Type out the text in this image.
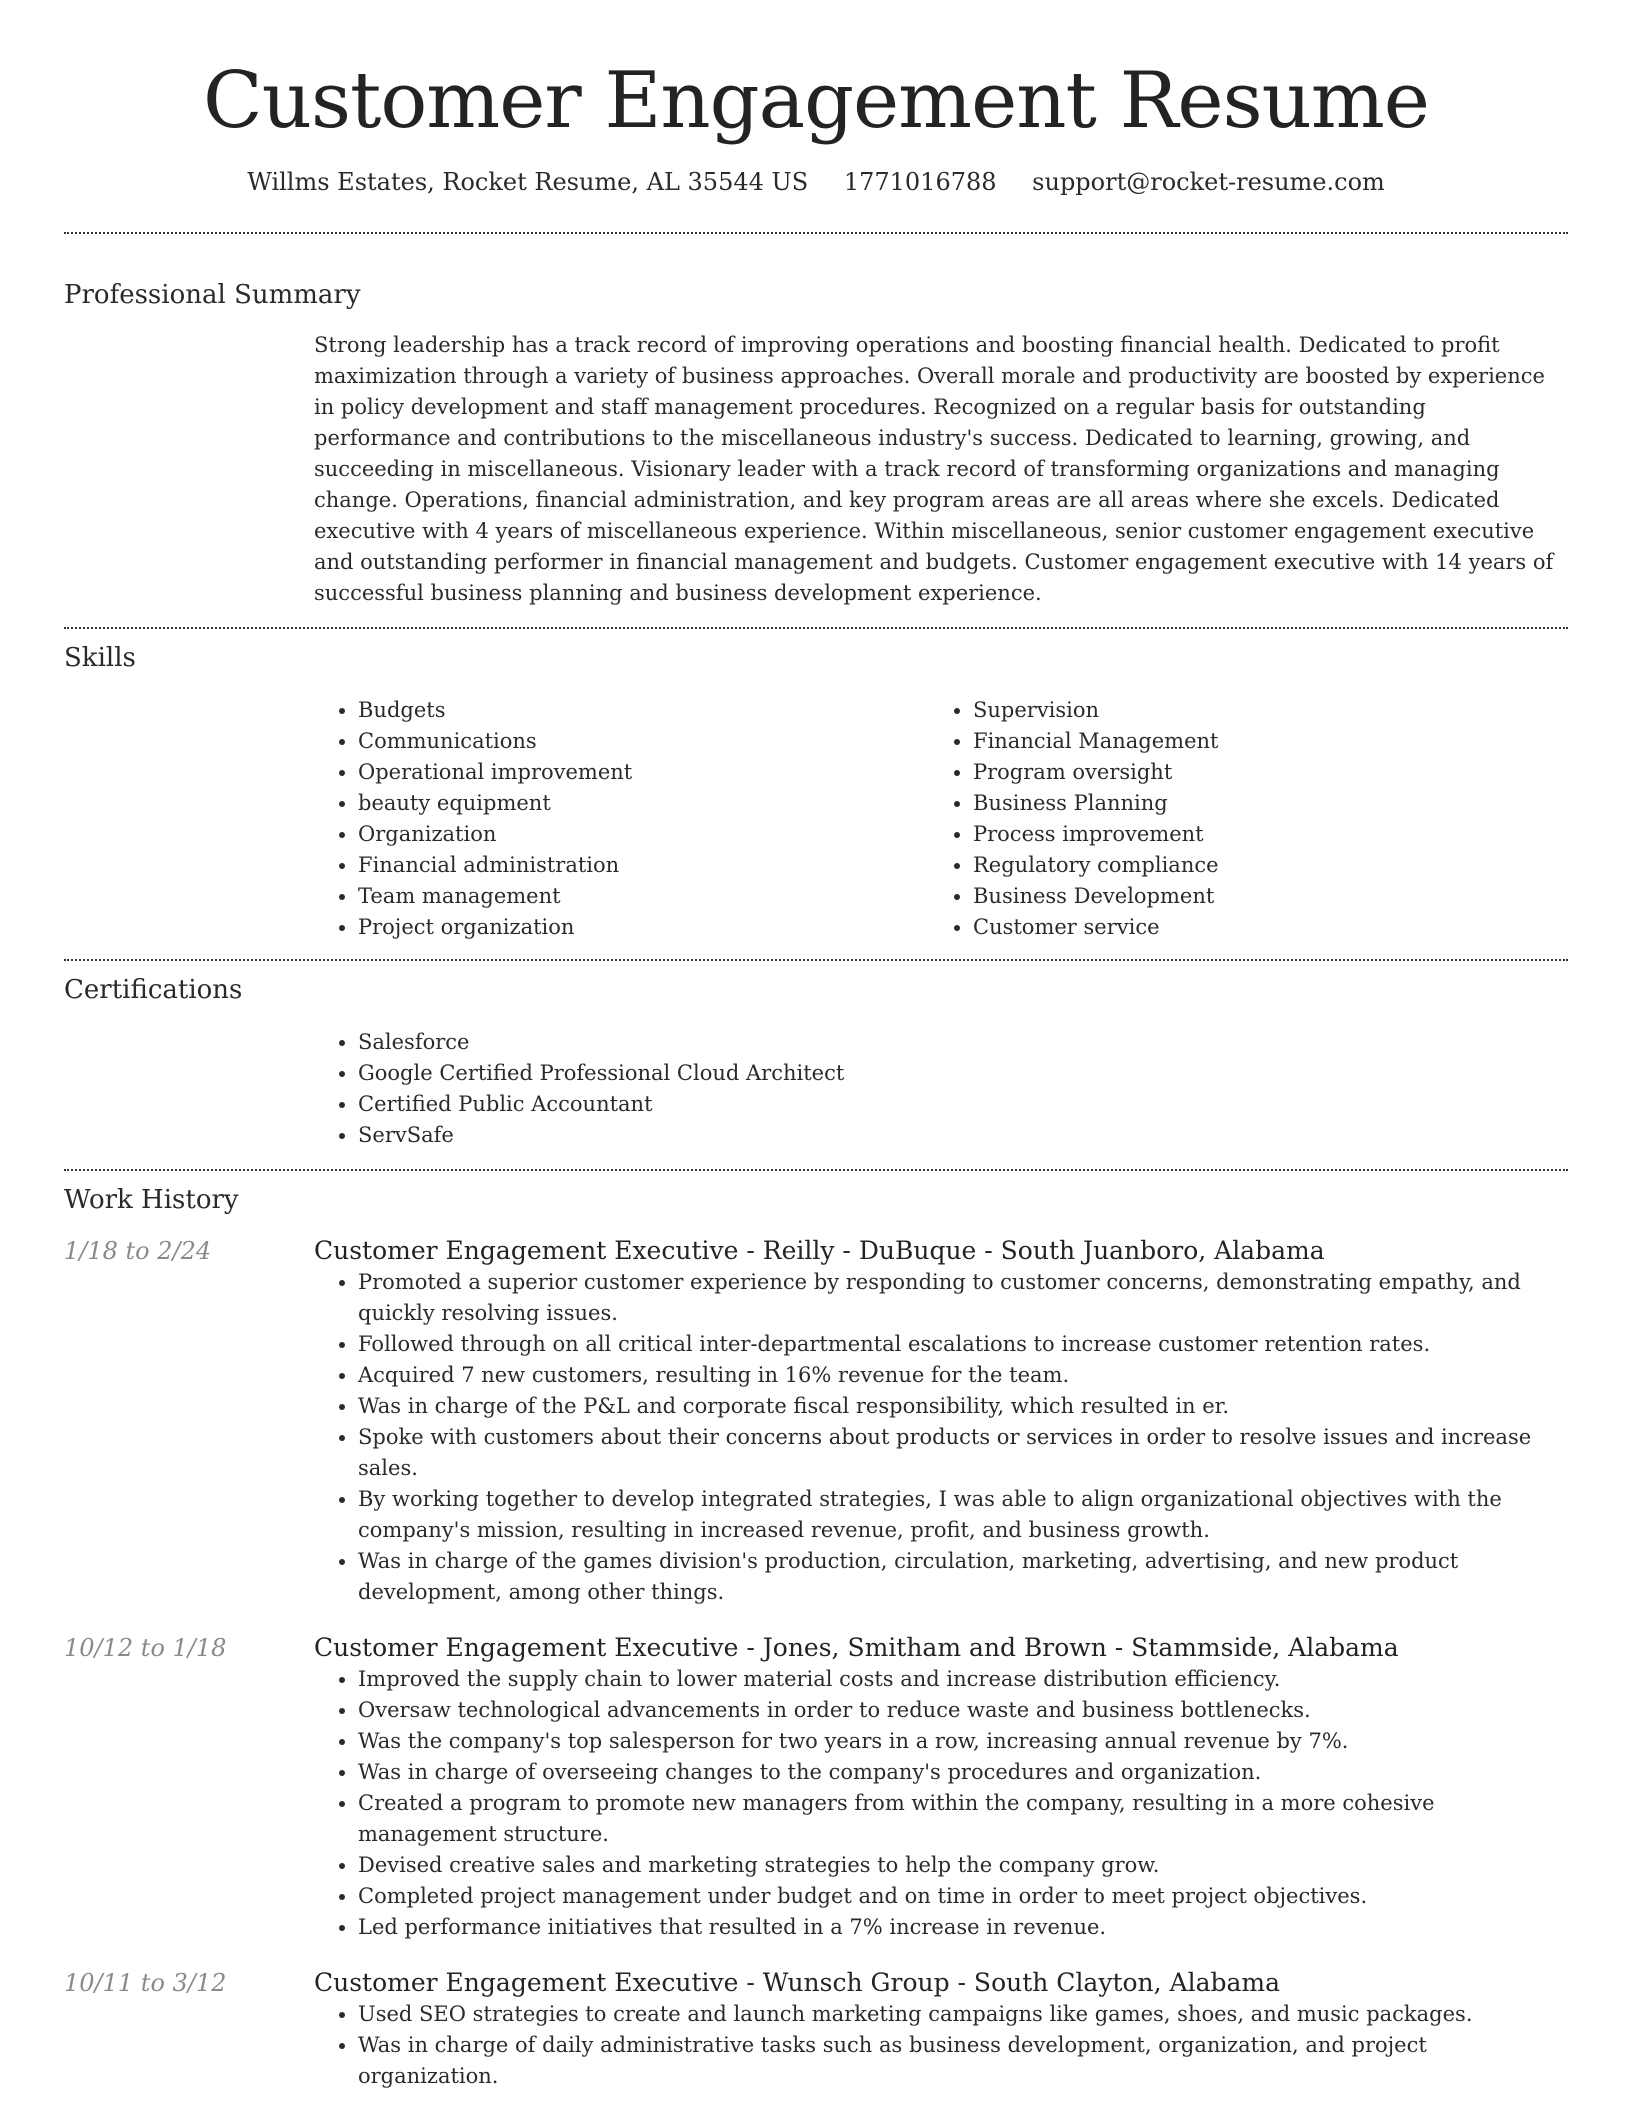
Customer Engagement Resume
Willms Estates, Rocket Resume, AL 35544 US 1771016788 support@rocket-resume.com
Professional Summary

Strong leadership has a track record of improving operations and boosting financial health. Dedicated to profit maximization through a variety of business approaches. Overall morale and productivity are boosted by experience in policy development and staff management procedures. Recognized on a regular basis for outstanding performance and contributions to the miscellaneous industry's success. Dedicated to learning, growing, and succeeding in miscellaneous. Visionary leader with a track record of transforming organizations and managing change. Operations, financial administration, and key program areas are all areas where she excels. Dedicated executive with 4 years of miscellaneous experience. Within miscellaneous, senior customer engagement executive and outstanding performer in financial management and budgets. Customer engagement executive with 14 years of successful business planning and business development experience.

Skills
• Budgets
• Communications
• Operational improvement
• beauty equipment
• Organization
• Financial administration
• Team management
• Project organization
• Supervision
• Financial Management
• Program oversight
• Business Planning
• Process improvement
• Regulatory compliance
• Business Development
• Customer service
Certifications
• Salesforce
• Google Certified Professional Cloud Architect
• Certified Public Accountant
• ServSafe
Work History
1/18 to 2/24	Customer Engagement Executive - Reilly - DuBuque - South Juanboro, Alabama
• Promoted a superior customer experience by responding to customer concerns, demonstrating empathy, and quickly resolving issues.
• Followed through on all critical inter-departmental escalations to increase customer retention rates.
• Acquired 7 new customers, resulting in 16% revenue for the team.
• Was in charge of the P&L and corporate fiscal responsibility, which resulted in er.
• Spoke with customers about their concerns about products or services in order to resolve issues and increase sales.
• By working together to develop integrated strategies, I was able to align organizational objectives with the company's mission, resulting in increased revenue, profit, and business growth.
• Was in charge of the games division's production, circulation, marketing, advertising, and new product development, among other things.
10/12 to 1/18	Customer Engagement Executive - Jones, Smitham and Brown - Stammside, Alabama
• Improved the supply chain to lower material costs and increase distribution efficiency.
• Oversaw technological advancements in order to reduce waste and business bottlenecks.
• Was the company's top salesperson for two years in a row, increasing annual revenue by 7%.
• Was in charge of overseeing changes to the company's procedures and organization.
• Created a program to promote new managers from within the company, resulting in a more cohesive management structure.
• Devised creative sales and marketing strategies to help the company grow.
• Completed project management under budget and on time in order to meet project objectives.
• Led performance initiatives that resulted in a 7% increase in revenue.
10/11 to 3/12	Customer Engagement Executive - Wunsch Group - South Clayton, Alabama
• Used SEO strategies to create and launch marketing campaigns like games, shoes, and music packages.
• Was in charge of daily administrative tasks such as business development, organization, and project organization.
